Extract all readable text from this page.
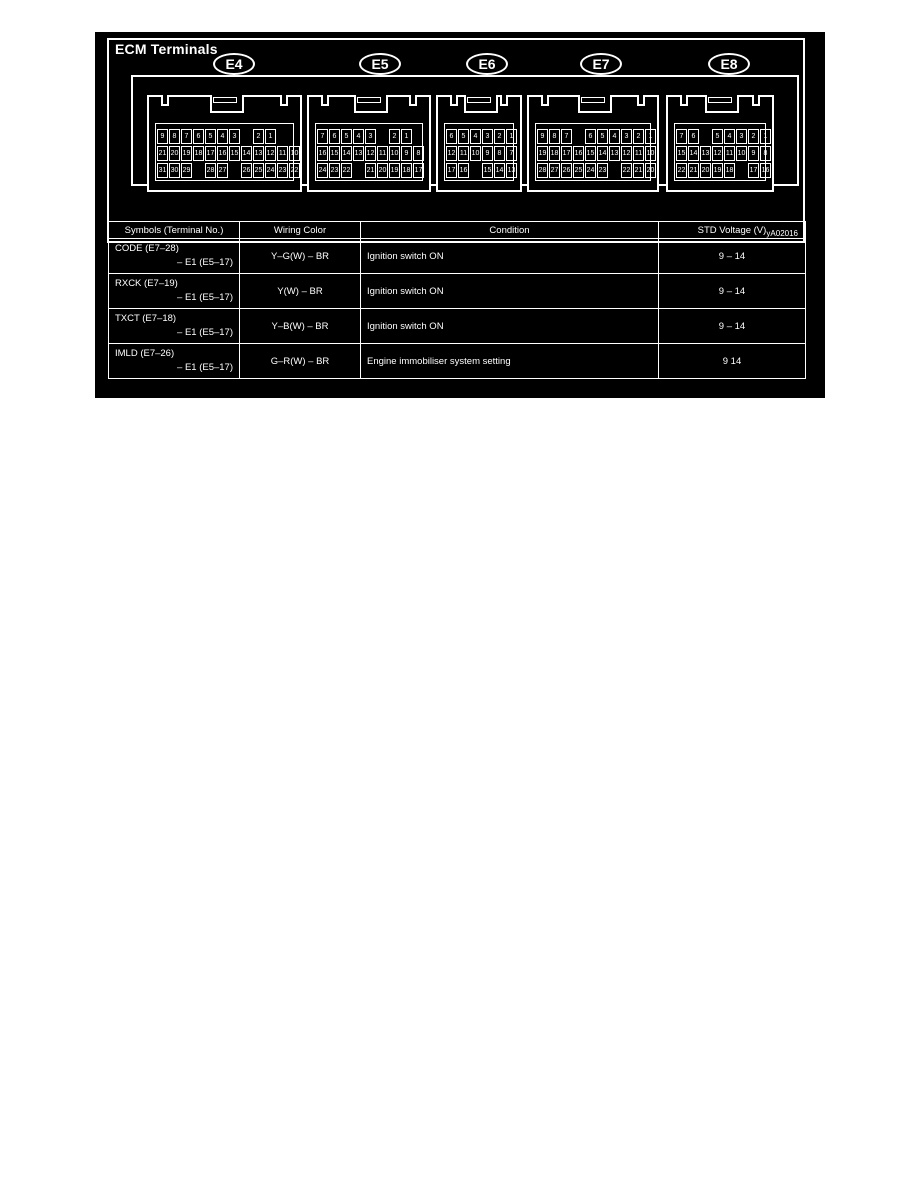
ECM Terminals
E4	E5	E6	E7	E8
9	8	7	6	5	4	3	2	1
21 20 19 18 17 16 15 14 13 12 11 10
31 30 29 28 27 26 25 24 23 22
7	6	5	4	3	2	1
16 15 14 13 12 11 10 9	8
24 23 22 21 20 19 18 17
6	5	4	3	2	1
12 11 10 9	8	7
17 16 15 14 13
9	8	7	6	5	4	3	2	1
19 18 17 16 15 14 13 12 11 10
28 27 26 25 24 23 22 21 20
7	6	5	4	3	2	1
15 14 13 12 11 10 9	8
22 21 20 19 18 17 16
yA02016
Symbols (Terminal No.)	Wiring Color	Condition	STD Voltage (V)

CODE (E7–28)
– E1 (E5–17)	Y–G(W) – BR	Ignition switch ON	9 – 14

RXCK (E7–19)
– E1 (E5–17)	Y(W) – BR	Ignition switch ON	9 – 14

TXCT (E7–18)
– E1 (E5–17)	Y–B(W) – BR	Ignition switch ON	9 – 14

IMLD (E7–26)
– E1 (E5–17)	G–R(W) – BR	Engine immobiliser system setting	9 14
